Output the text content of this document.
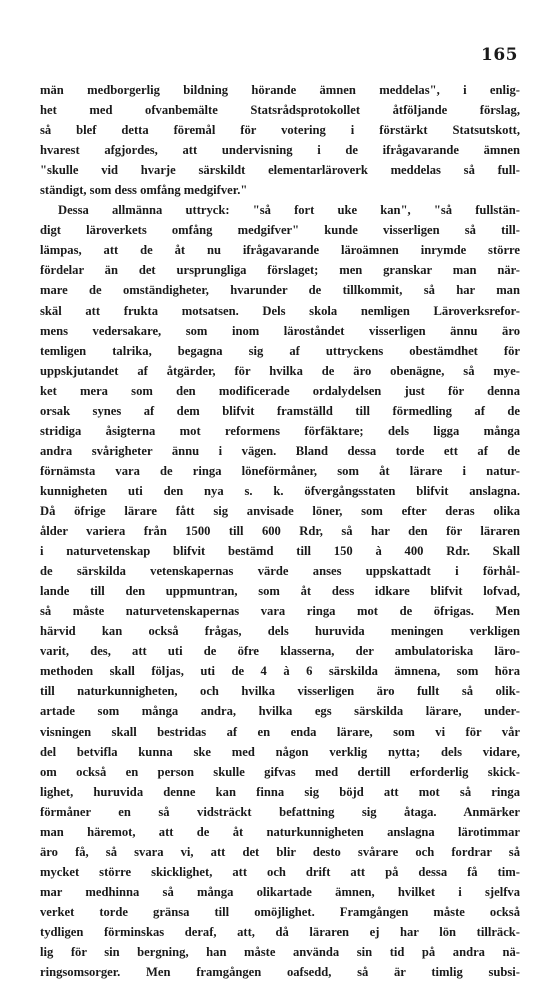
165
män medborgerlig bildning hörande ämnen meddelas", i enlig-
het med ofvanbemälte Statsrådsprotokollet åtföljande förslag,
så blef detta föremål för votering i förstärkt Statsutskott,
hvarest afgjordes, att undervisning i de ifrågavarande ämnen
"skulle vid hvarje särskildt elementarläroverk meddelas så full-
ständigt, som dess omfång medgifver."
Dessa allmänna uttryck: "så fort uke kan", "så fullstän-
digt läroverkets omfång medgifver" kunde visserligen så till-
lämpas, att de åt nu ifrågavarande läroämnen inrymde större
fördelar än det ursprungliga förslaget; men granskar man när-
mare de omständigheter, hvarunder de tillkommit, så har man
skäl att frukta motsatsen. Dels skola nemligen Läroverksrefor-
mens vedersakare, som inom läroståndet visserligen ännu äro
temligen talrika, begagna sig af uttryckens obestämdhet för
uppskjutandet af åtgärder, för hvilka de äro obenägne, så mye-
ket mera som den modificerade ordalydelsen just för denna
orsak synes af dem blifvit framställd till förmedling af de
stridiga åsigterna mot reformens förfäktare; dels ligga många
andra svårigheter ännu i vägen. Bland dessa torde ett af de
förnämsta vara de ringa löneförmåner, som åt lärare i natur-
kunnigheten uti den nya s. k. öfvergångsstaten blifvit anslagna.
Då öfrige lärare fått sig anvisade löner, som efter deras olika
ålder variera från 1500 till 600 Rdr, så har den för läraren
i naturvetenskap blifvit bestämd till 150 à 400 Rdr. Skall
de särskilda vetenskapernas värde anses uppskattadt i förhål-
lande till den uppmuntran, som åt dess idkare blifvit lofvad,
så måste naturvetenskapernas vara ringa mot de öfrigas. Men
härvid kan också frågas, dels huruvida meningen verkligen
varit, des, att uti de öfre klasserna, der ambulatoriska läro-
methoden skall följas, uti de 4 à 6 särskilda ämnena, som höra
till naturkunnigheten, och hvilka visserligen äro fullt så olik-
artade som många andra, hvilka egs särskilda lärare, under-
visningen skall bestridas af en enda lärare, som vi för vår
del betvifla kunna ske med någon verklig nytta; dels vidare,
om också en person skulle gifvas med dertill erforderlig skick-
lighet, huruvida denne kan finna sig böjd att mot så ringa
förmåner en så vidsträckt befattning sig åtaga. Anmärker
man häremot, att de åt naturkunnigheten anslagna lärotimmar
äro få, så svara vi, att det blir desto svårare och fordrar så
mycket större skicklighet, att och drift att på dessa få tim-
mar medhinna så många olikartade ämnen, hvilket i sjelfva
verket torde gränsa till omöjlighet. Framgången måste också
tydligen förminskas deraf, att, då läraren ej har lön tillräck-
lig för sin bergning, han måste använda sin tid på andra nä-
ringsomsorger. Men framgången oafsedd, så är timlig subsi-
